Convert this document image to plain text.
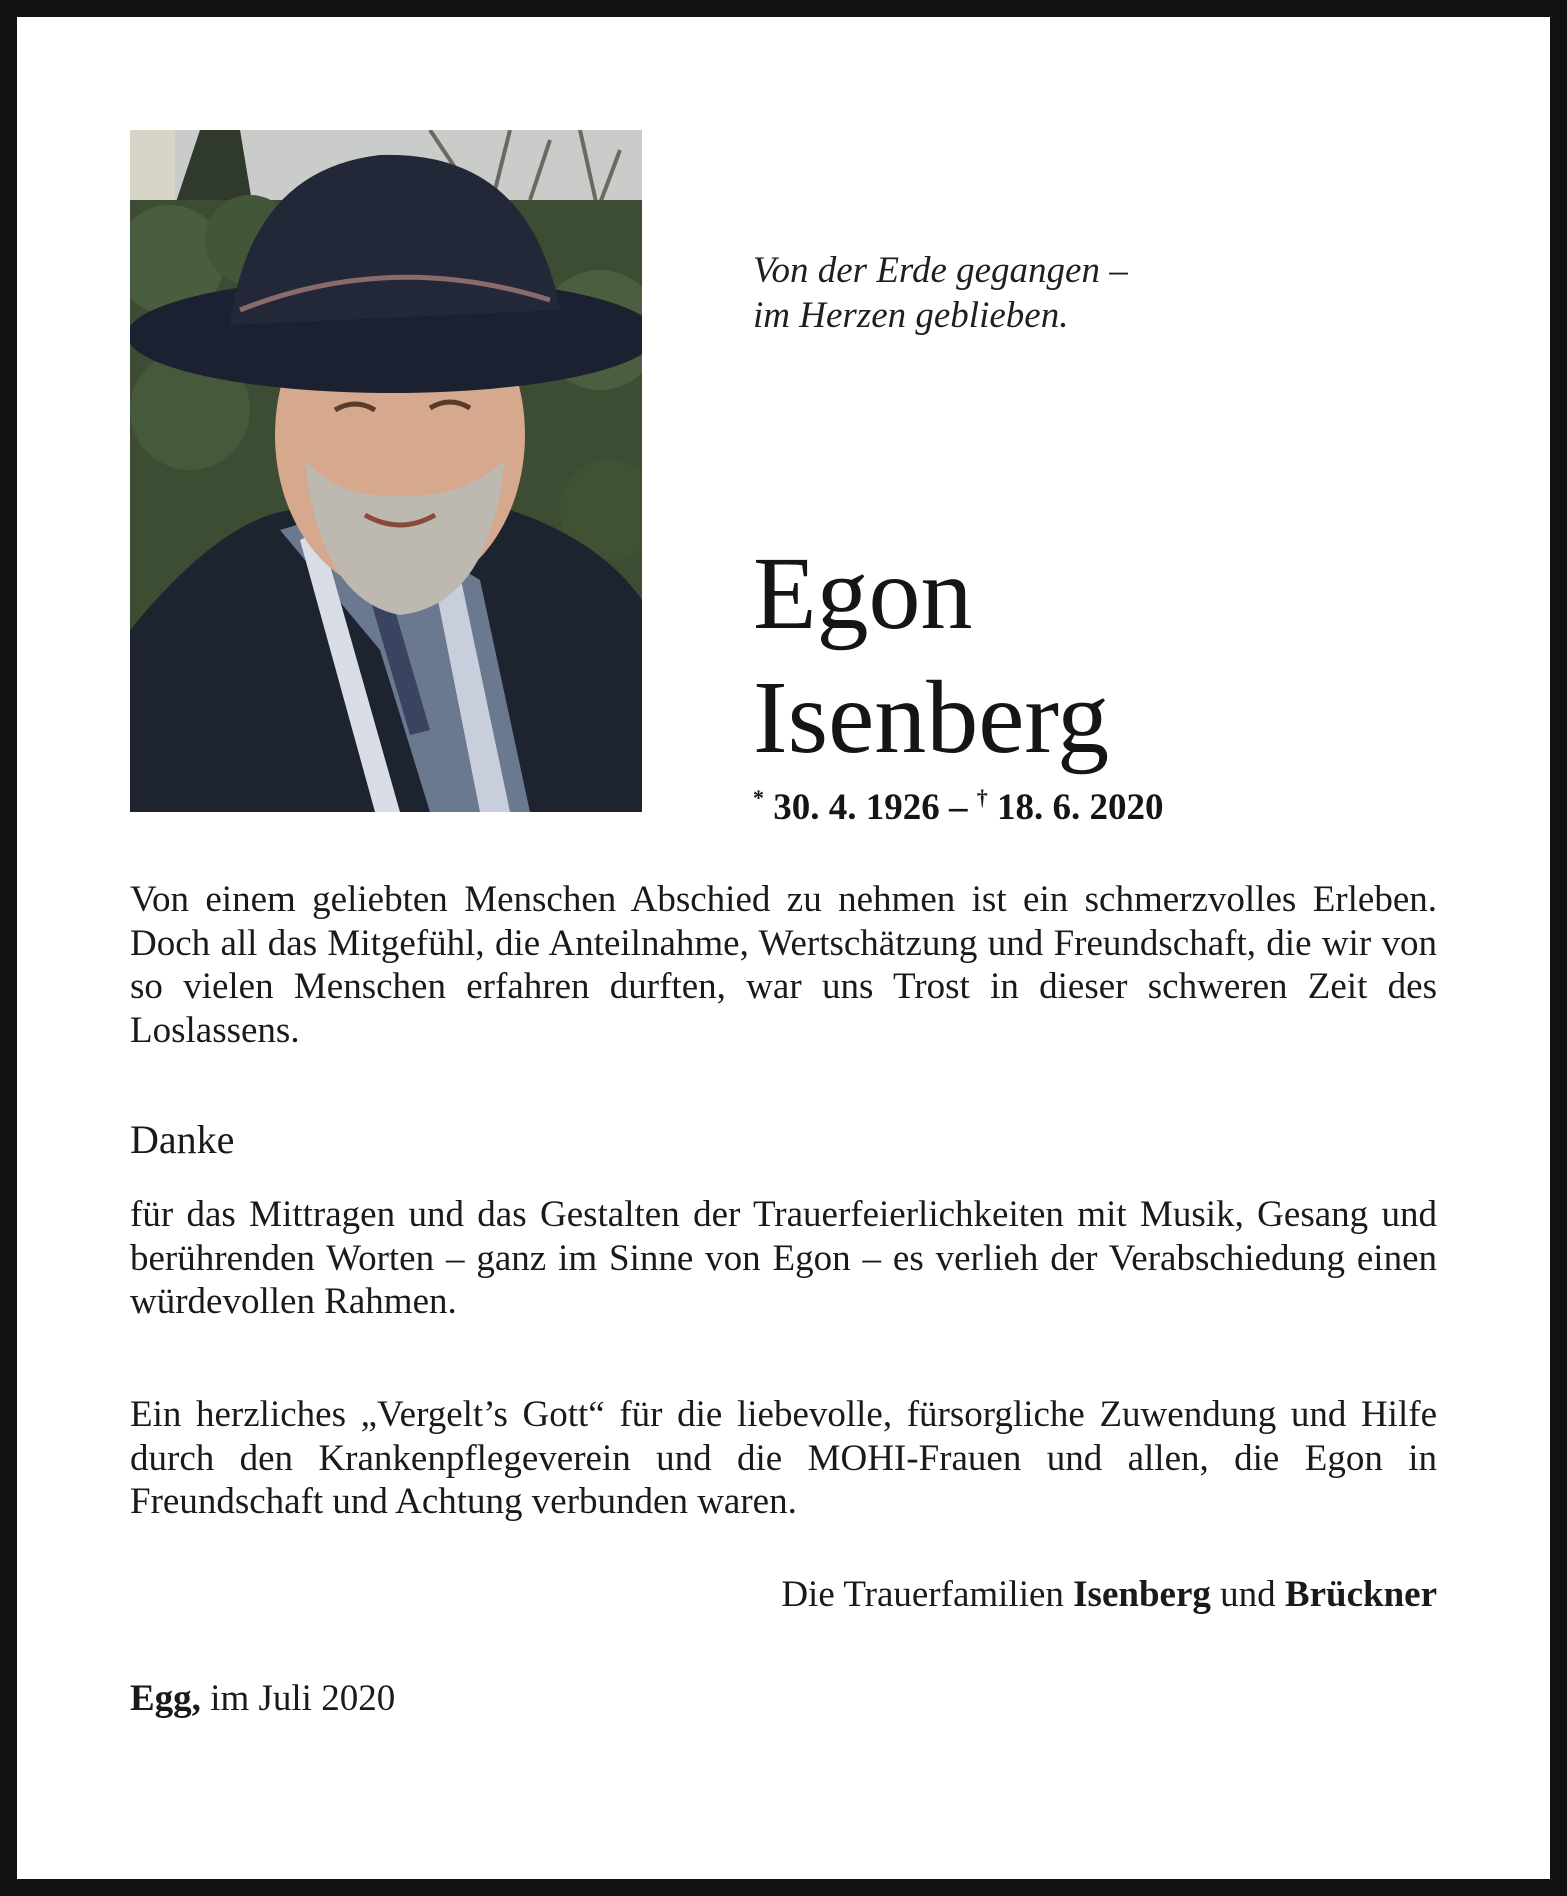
Von der Erde gegangen –
im Herzen geblieben.
Egon
Isenberg
* 30. 4. 1926 – † 18. 6. 2020
Von einem geliebten Menschen Abschied zu nehmen ist ein schmerzvolles Erleben. Doch all das Mitgefühl, die Anteilnahme, Wertschätzung und Freundschaft, die wir von so vielen Menschen erfahren durften, war uns Trost in dieser schweren Zeit des Loslassens.
Danke
für das Mittragen und das Gestalten der Trauerfeierlichkeiten mit Musik, Gesang und berührenden Worten – ganz im Sinne von Egon – es verlieh der Verabschiedung einen würdevollen Rahmen.
Ein herzliches „Vergelt’s Gott“ für die liebevolle, fürsorgliche Zuwendung und Hilfe durch den Krankenpflegeverein und die MOHI-Frauen und allen, die Egon in Freundschaft und Achtung verbunden waren.
Die Trauerfamilien Isenberg und Brückner
Egg, im Juli 2020
